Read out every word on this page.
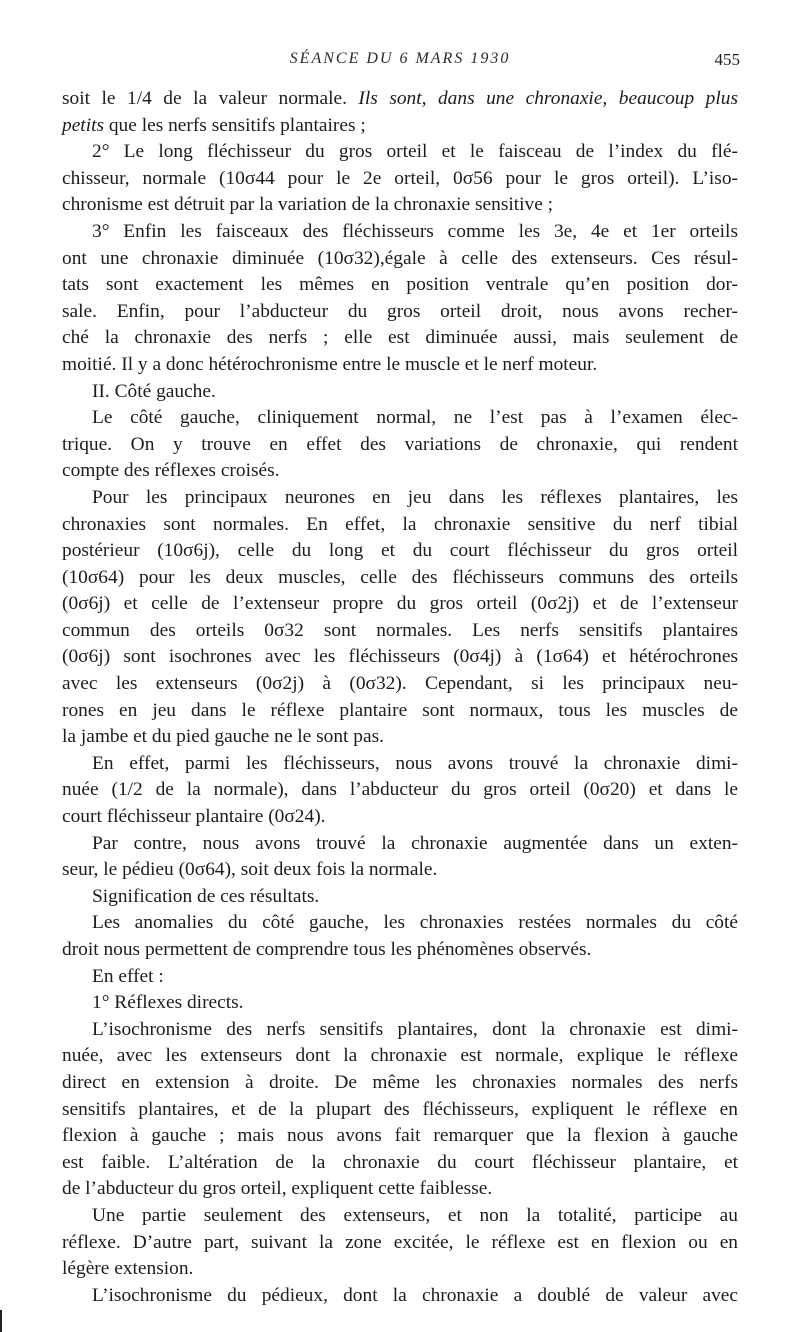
SÉANCE DU 6 MARS 1930	455
soit le 1/4 de la valeur normale. Ils sont, dans une chronaxie, beaucoup plus
petits que les nerfs sensitifs plantaires ;
2° Le long fléchisseur du gros orteil et le faisceau de l’index du flé-
chisseur, normale (10σ44 pour le 2e orteil, 0σ56 pour le gros orteil). L’iso-
chronisme est détruit par la variation de la chronaxie sensitive ;
3° Enfin les faisceaux des fléchisseurs comme les 3e, 4e et 1er orteils
ont une chronaxie diminuée (10σ32),égale à celle des extenseurs. Ces résul-
tats sont exactement les mêmes en position ventrale qu’en position dor-
sale. Enfin, pour l’abducteur du gros orteil droit, nous avons recher-
ché la chronaxie des nerfs ; elle est diminuée aussi, mais seulement de
moitié. Il y a donc hétérochronisme entre le muscle et le nerf moteur.
II. Côté gauche.
Le côté gauche, cliniquement normal, ne l’est pas à l’examen élec-
trique. On y trouve en effet des variations de chronaxie, qui rendent
compte des réflexes croisés.
Pour les principaux neurones en jeu dans les réflexes plantaires, les
chronaxies sont normales. En effet, la chronaxie sensitive du nerf tibial
postérieur (10σ6j), celle du long et du court fléchisseur du gros orteil
(10σ64) pour les deux muscles, celle des fléchisseurs communs des orteils
(0σ6j) et celle de l’extenseur propre du gros orteil (0σ2j) et de l’extenseur
commun des orteils 0σ32 sont normales. Les nerfs sensitifs plantaires
(0σ6j) sont isochrones avec les fléchisseurs (0σ4j) à (1σ64) et hétérochrones
avec les extenseurs (0σ2j) à (0σ32). Cependant, si les principaux neu-
rones en jeu dans le réflexe plantaire sont normaux, tous les muscles de
la jambe et du pied gauche ne le sont pas.
En effet, parmi les fléchisseurs, nous avons trouvé la chronaxie dimi-
nuée (1/2 de la normale), dans l’abducteur du gros orteil (0σ20) et dans le
court fléchisseur plantaire (0σ24).
Par contre, nous avons trouvé la chronaxie augmentée dans un exten-
seur, le pédieu (0σ64), soit deux fois la normale.
Signification de ces résultats.
Les anomalies du côté gauche, les chronaxies restées normales du côté
droit nous permettent de comprendre tous les phénomènes observés.
En effet :
1° Réflexes directs.
L’isochronisme des nerfs sensitifs plantaires, dont la chronaxie est dimi-
nuée, avec les extenseurs dont la chronaxie est normale, explique le réflexe
direct en extension à droite. De même les chronaxies normales des nerfs
sensitifs plantaires, et de la plupart des fléchisseurs, expliquent le réflexe en
flexion à gauche ; mais nous avons fait remarquer que la flexion à gauche
est faible. L’altération de la chronaxie du court fléchisseur plantaire, et
de l’abducteur du gros orteil, expliquent cette faiblesse.
Une partie seulement des extenseurs, et non la totalité, participe au
réflexe. D’autre part, suivant la zone excitée, le réflexe est en flexion ou en
légère extension.
L’isochronisme du pédieux, dont la chronaxie a doublé de valeur avec
